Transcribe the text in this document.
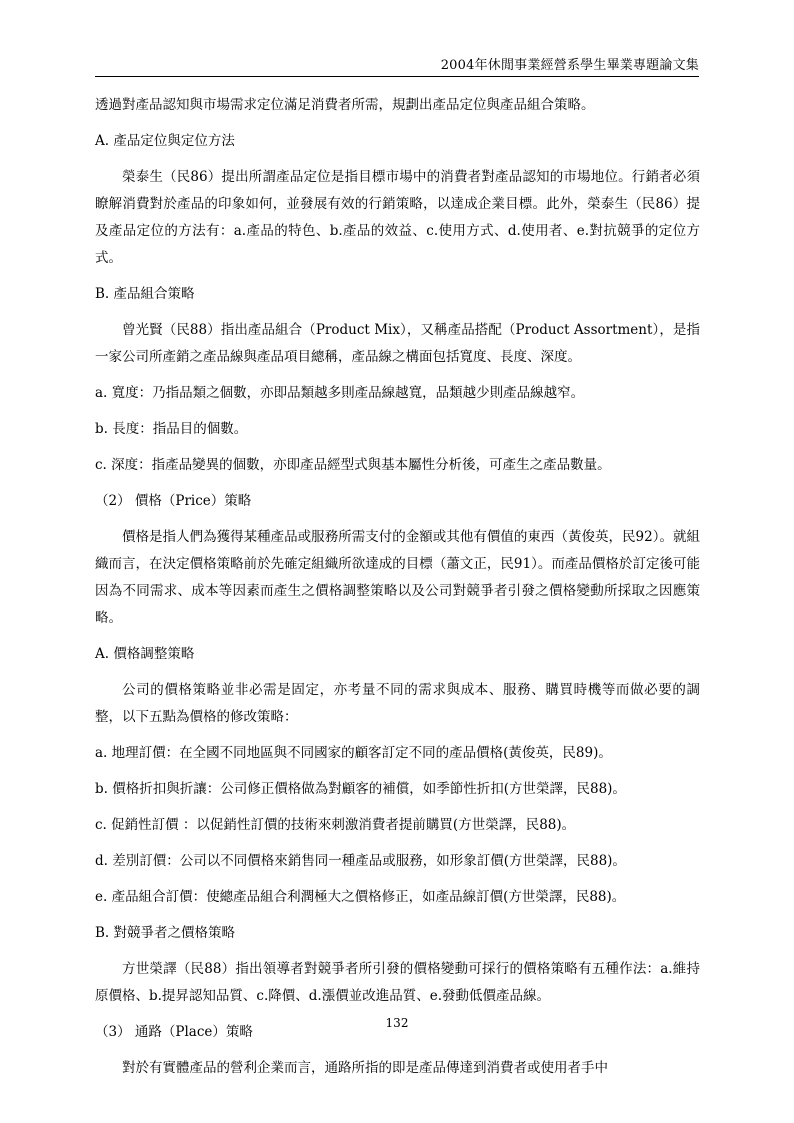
2004年休閒事業經營系學生畢業專題論文集

透過對產品認知與市場需求定位滿足消費者所需，規劃出產品定位與產品組合策略。

A. 產品定位與定位方法

榮泰生（民86）提出所謂產品定位是指目標市場中的消費者對產品認知的市場地位。行銷者必須瞭解消費對於產品的印象如何，並發展有效的行銷策略，以達成企業目標。此外，榮泰生（民86）提及產品定位的方法有：a.產品的特色、b.產品的效益、c.使用方式、d.使用者、e.對抗競爭的定位方式。

B. 產品組合策略

曾光賢（民88）指出產品組合（Product Mix），又稱產品搭配（Product Assortment），是指一家公司所產銷之產品線與產品項目總稱，產品線之構面包括寬度、長度、深度。

a. 寬度：乃指品類之個數，亦即品類越多則產品線越寬，品類越少則產品線越窄。

b. 長度：指品目的個數。

c. 深度：指產品變異的個數，亦即產品經型式與基本屬性分析後，可產生之產品數量。

（2） 價格（Price）策略

價格是指人們為獲得某種產品或服務所需支付的金額或其他有價值的東西（黃俊英，民92）。就組織而言，在決定價格策略前於先確定組織所欲達成的目標（蕭文正，民91）。而產品價格於訂定後可能因為不同需求、成本等因素而產生之價格調整策略以及公司對競爭者引發之價格變動所採取之因應策略。

A. 價格調整策略

公司的價格策略並非必需是固定，亦考量不同的需求與成本、服務、購買時機等而做必要的調整，以下五點為價格的修改策略：

a. 地理訂價：在全國不同地區與不同國家的顧客訂定不同的產品價格(黃俊英，民89)。

b. 價格折扣與折讓：公司修正價格做為對顧客的補償，如季節性折扣(方世榮譯，民88)。

c. 促銷性訂價 ：以促銷性訂價的技術來刺激消費者提前購買(方世榮譯，民88)。

d. 差別訂價：公司以不同價格來銷售同一種產品或服務，如形象訂價(方世榮譯，民88)。

e. 產品組合訂價：使總產品組合利潤極大之價格修正，如產品線訂價(方世榮譯，民88)。

B. 對競爭者之價格策略

方世榮譯（民88）指出領導者對競爭者所引發的價格變動可採行的價格策略有五種作法：a.維持原價格、b.提昇認知品質、c.降價、d.漲價並改進品質、e.發動低價產品線。

（3） 通路（Place）策略

對於有實體產品的營利企業而言，通路所指的即是產品傳達到消費者或使用者手中

132
